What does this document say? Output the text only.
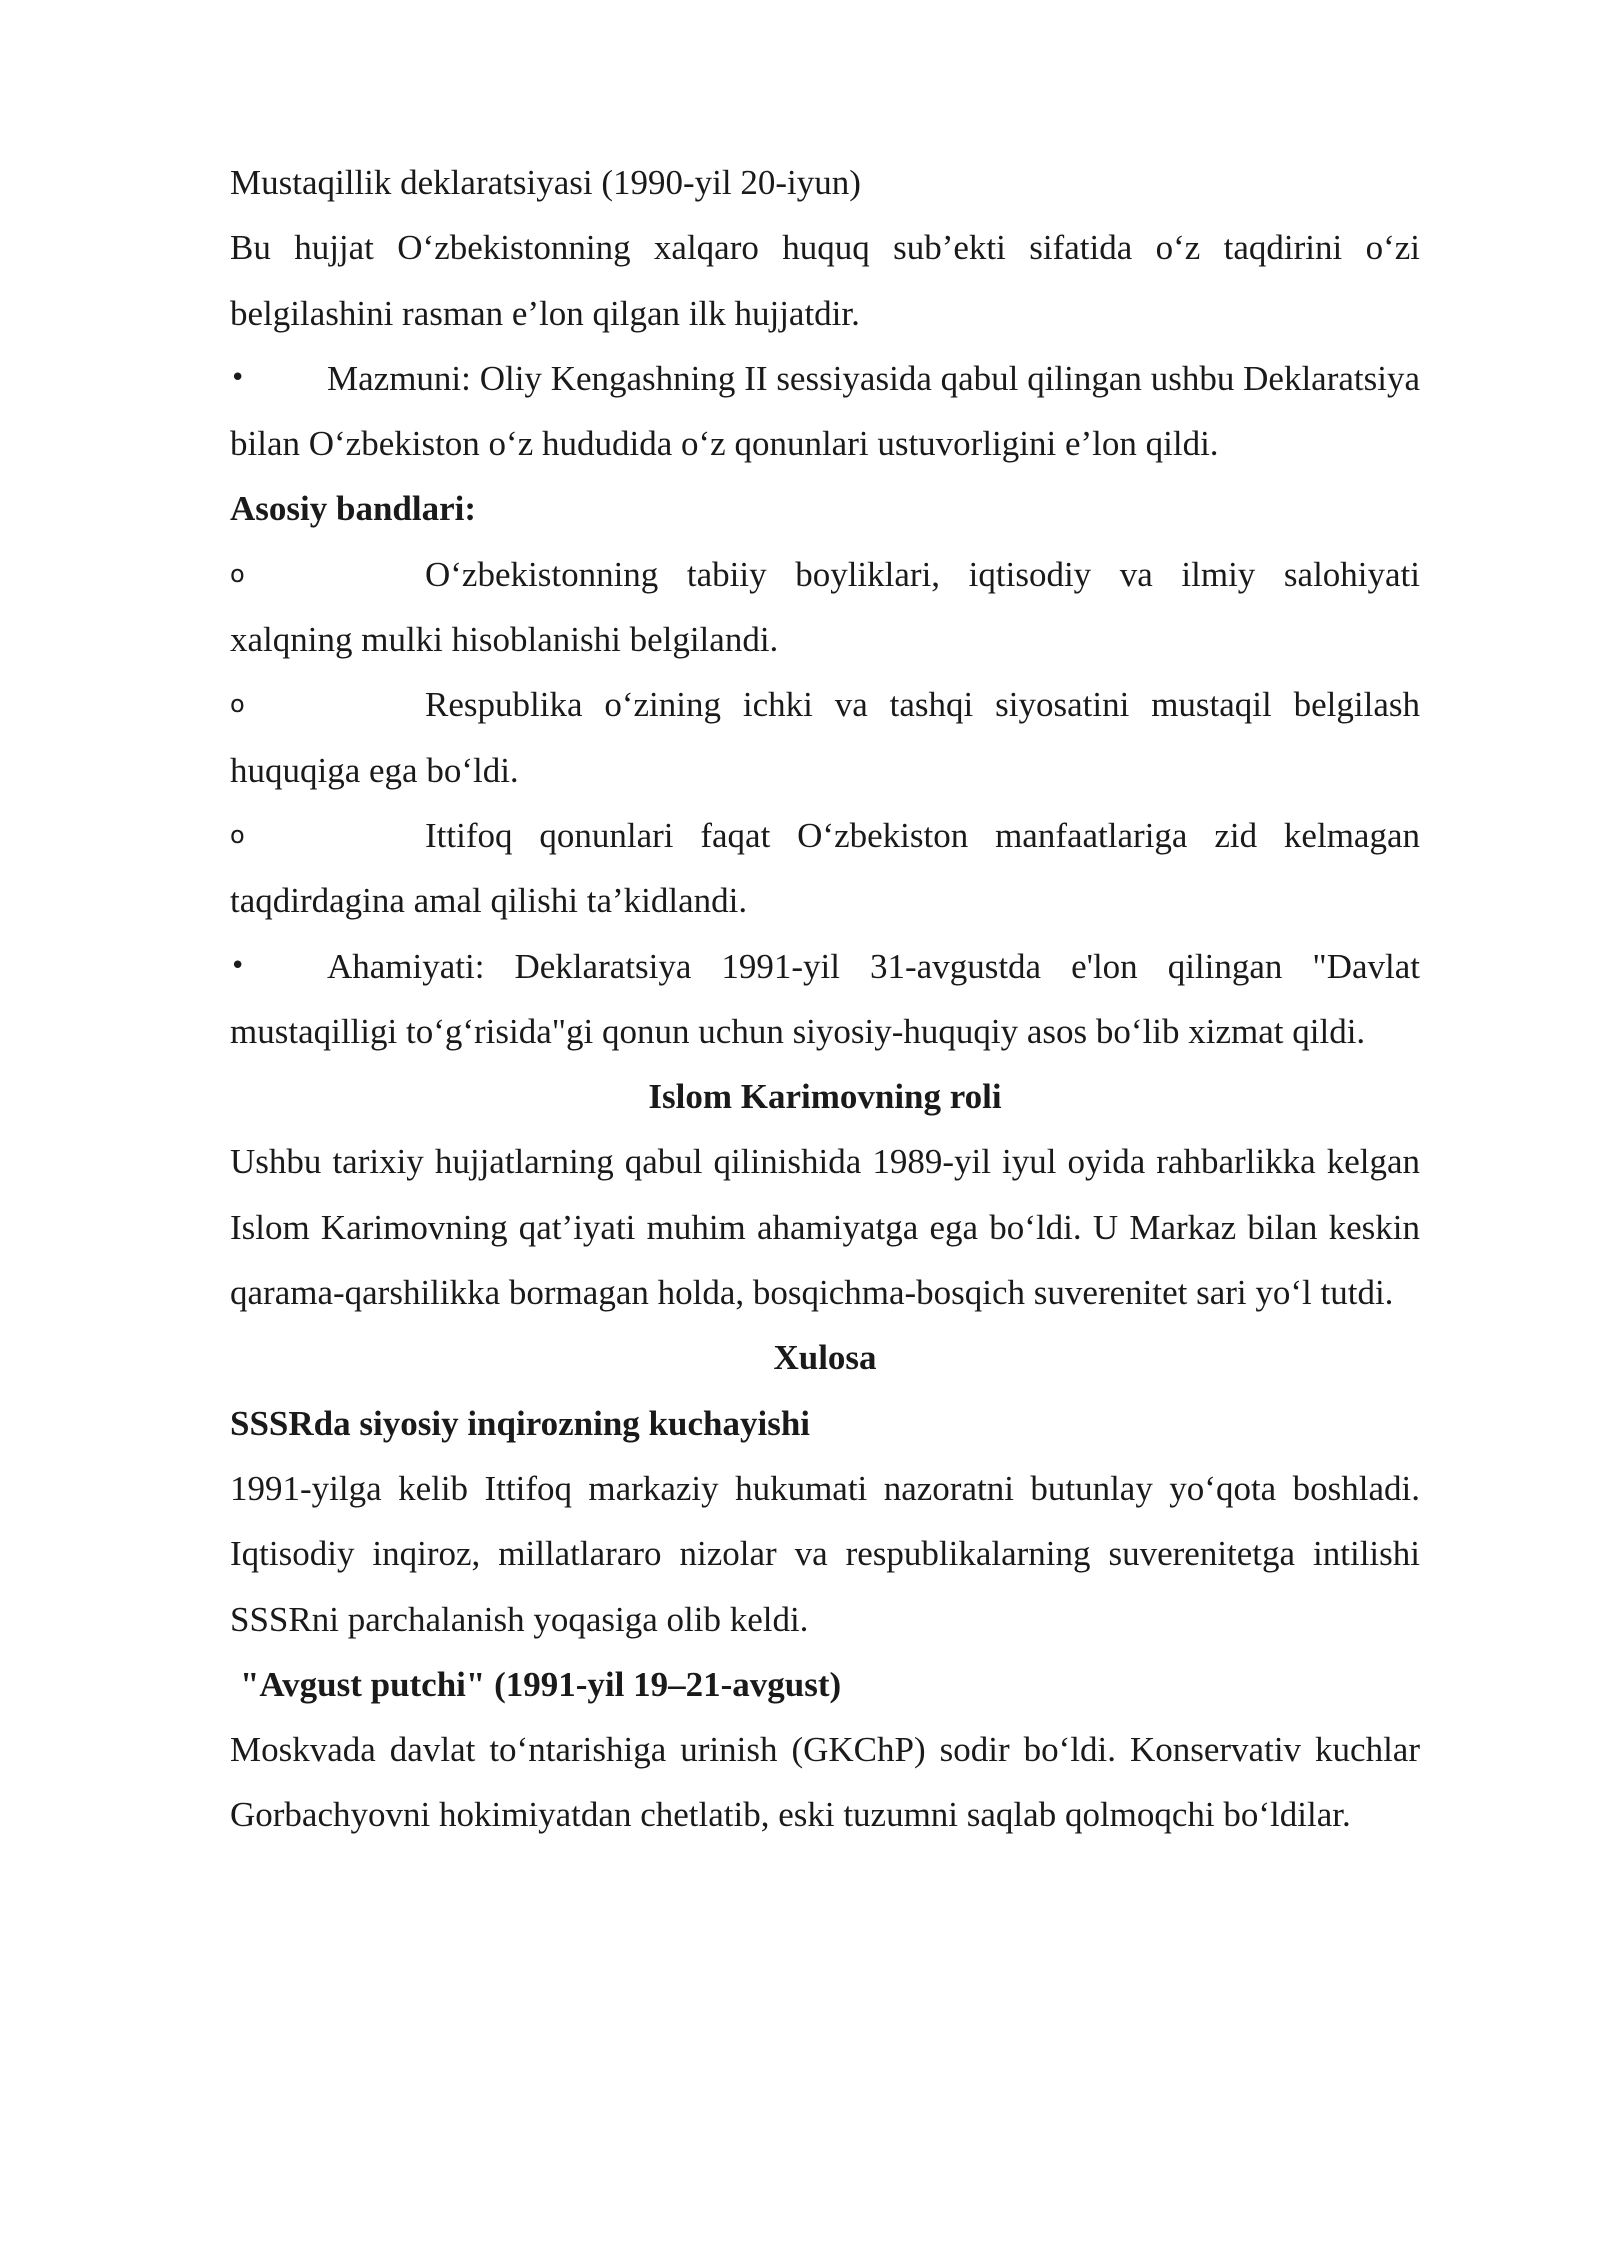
Mustaqillik deklaratsiyasi (1990-yil 20-iyun)

Bu hujjat O‘zbekistonning xalqaro huquq sub’ekti sifatida o‘z taqdirini o‘zi belgilashini rasman e’lon qilgan ilk hujjatdir.

• Mazmuni: Oliy Kengashning II sessiyasida qabul qilingan ushbu Deklaratsiya bilan O‘zbekiston o‘z hududida o‘z qonunlari ustuvorligini e’lon qildi.

Asosiy bandlari:

o	O‘zbekistonning tabiiy boyliklari, iqtisodiy va ilmiy salohiyati xalqning mulki hisoblanishi belgilandi.
o	Respublika o‘zining ichki va tashqi siyosatini mustaqil belgilash huquqiga ega bo‘ldi.
o	Ittifoq qonunlari faqat O‘zbekiston manfaatlariga zid kelmagan taqdirdagina amal qilishi ta’kidlandi.
• Ahamiyati: Deklaratsiya 1991-yil 31-avgustda e'lon qilingan "Davlat mustaqilligi to‘g‘risida"gi qonun uchun siyosiy-huquqiy asos bo‘lib xizmat qildi.

Islom Karimovning roli

Ushbu tarixiy hujjatlarning qabul qilinishida 1989-yil iyul oyida rahbarlikka kelgan Islom Karimovning qat’iyati muhim ahamiyatga ega bo‘ldi. U Markaz bilan keskin qarama-qarshilikka bormagan holda, bosqichma-bosqich suverenitet sari yo‘l tutdi.

Xulosa

SSSRda siyosiy inqirozning kuchayishi

1991-yilga kelib Ittifoq markaziy hukumati nazoratni butunlay yo‘qota boshladi. Iqtisodiy inqiroz, millatlararo nizolar va respublikalarning suverenitetga intilishi SSSRni parchalanish yoqasiga olib keldi.

"Avgust putchi" (1991-yil 19–21-avgust)

Moskvada davlat to‘ntarishiga urinish (GKChP) sodir bo‘ldi. Konservativ kuchlar Gorbachyovni hokimiyatdan chetlatib, eski tuzumni saqlab qolmoqchi bo‘ldilar.
